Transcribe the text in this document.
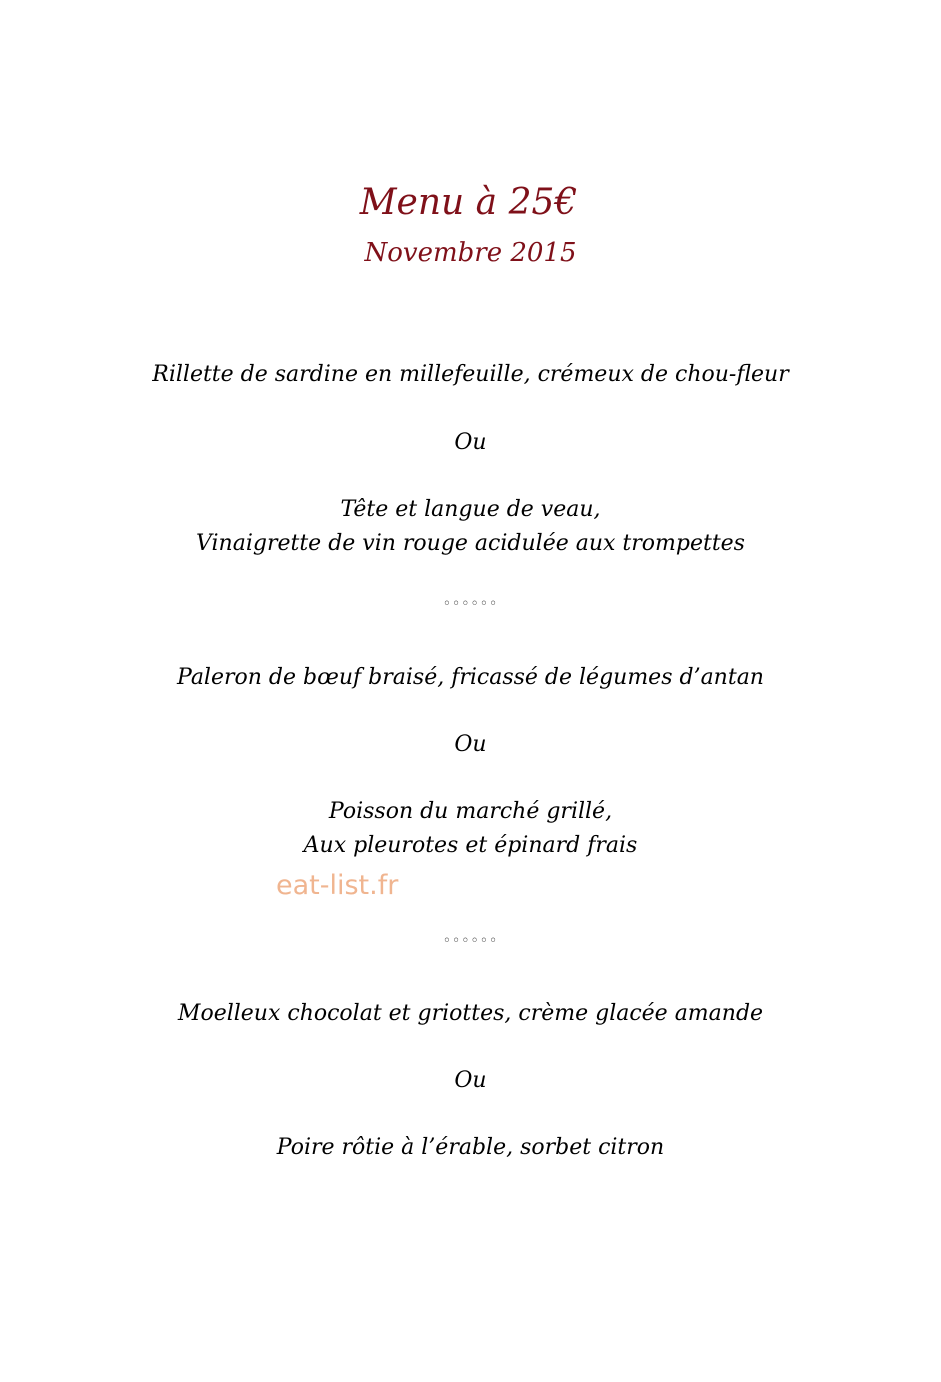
Menu à 25€
Novembre 2015
Rillette de sardine en millefeuille, crémeux de chou-fleur
Ou
Tête et langue de veau,
Vinaigrette de vin rouge acidulée aux trompettes
◦◦◦◦◦◦
Paleron de bœuf braisé, fricassé de légumes d’antan
Ou
Poisson du marché grillé,
Aux pleurotes et épinard frais
eat-list.fr
◦◦◦◦◦◦
Moelleux chocolat et griottes, crème glacée amande
Ou
Poire rôtie à l’érable, sorbet citron
